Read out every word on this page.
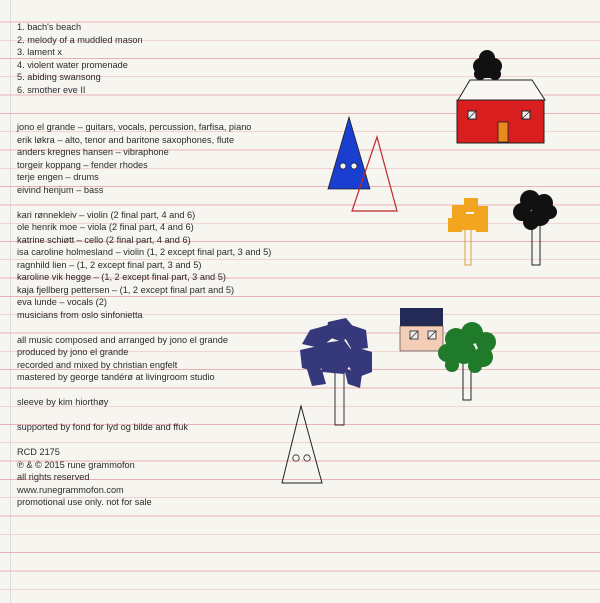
1. bach's beach
2. melody of a muddled mason
3. lament x
4. violent water promenade
5. abiding swansong
6. smother eve II
jono el grande – guitars, vocals, percussion, farfisa, piano
erik løkra – alto, tenor and baritone saxophones, flute
anders kregnes hansen – vibraphone
torgeir koppang – fender rhodes
terje engen – drums
eivind henjum – bass
kari rønnekleiv – violin (2 final part, 4 and 6)
ole henrik moe – viola (2 final part, 4 and 6)
katrine schiøtt – cello (2 final part, 4 and 6)
isa caroline holmesland – violin (1, 2 except final part, 3 and 5)
ragnhild lien – (1, 2 except final part, 3 and 5)
karoline vik hegge – (1, 2 except final part, 3 and 5)
kaja fjellberg pettersen – (1, 2 except final part and 5)
eva lunde – vocals (2)
musicians from oslo sinfonietta
all music composed and arranged by jono el grande
produced by jono el grande
recorded and mixed by christian engfelt
mastered by george tandérø at livingroom studio
sleeve by kim hiorthøy
supported by fond for lyd og bilde and ffuk
RCD 2175
℗ & © 2015 rune grammofon
all rights reserved
www.runegrammofon.com
promotional use only. not for sale
